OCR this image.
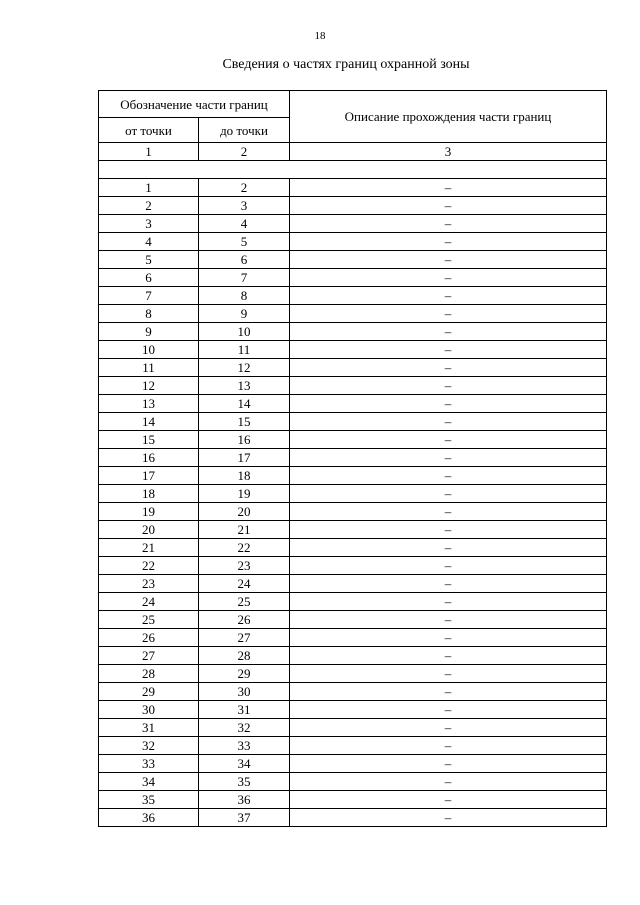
18
Сведения о частях границ охранной зоны
Обозначение части границ		Описание прохождения части границ
от точки	до точки	
1	2	3

1	2	–
2	3	–
3	4	–
4	5	–
5	6	–
6	7	–
7	8	–
8	9	–
9	10	–
10	11	–
11	12	–
12	13	–
13	14	–
14	15	–
15	16	–
16	17	–
17	18	–
18	19	–
19	20	–
20	21	–
21	22	–
22	23	–
23	24	–
24	25	–
25	26	–
26	27	–
27	28	–
28	29	–
29	30	–
30	31	–
31	32	–
32	33	–
33	34	–
34	35	–
35	36	–
36	37	–
